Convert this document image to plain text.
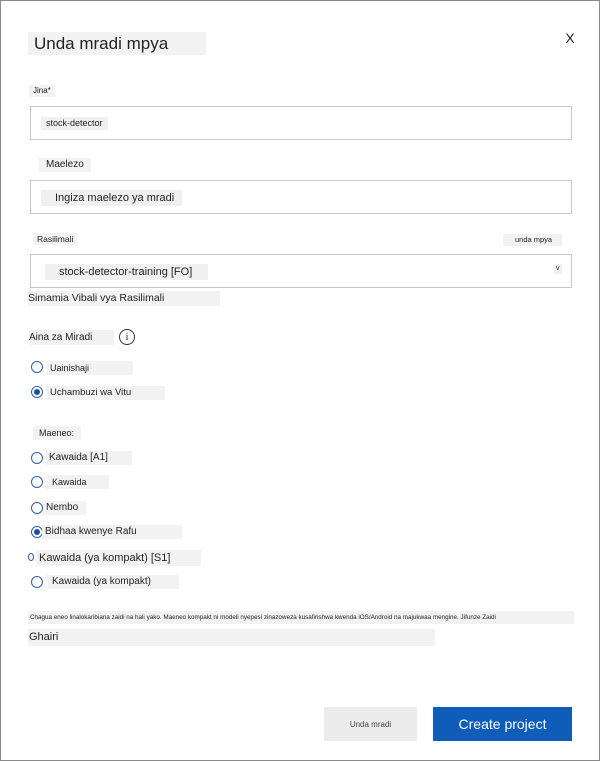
Unda mradi mpya	X
Jina*
stock-detector
Maelezo
Ingiza maelezo ya mradi
Rasilimali	unda mpya
stock-detector-training [FO]	v
Simamia Vibali vya Rasilimali
Aina za Miradi	i
Uainishaji
Uchambuzi wa Vitu
Maeneo:
Kawaida [A1]
Kawaida
Nembo
Bidhaa kwenye Rafu
Kawaida (ya kompakt) [S1]
Kawaida (ya kompakt)
Chagua eneo linalokaribiana zaidi na hali yako. Maeneo kompakt ni modeli nyepesi zinazoweza kusafirishwa kwenda iOS/Android na majukwaa mengine. Jifunze Zaidi
Ghairi
Unda mradi	Create project
